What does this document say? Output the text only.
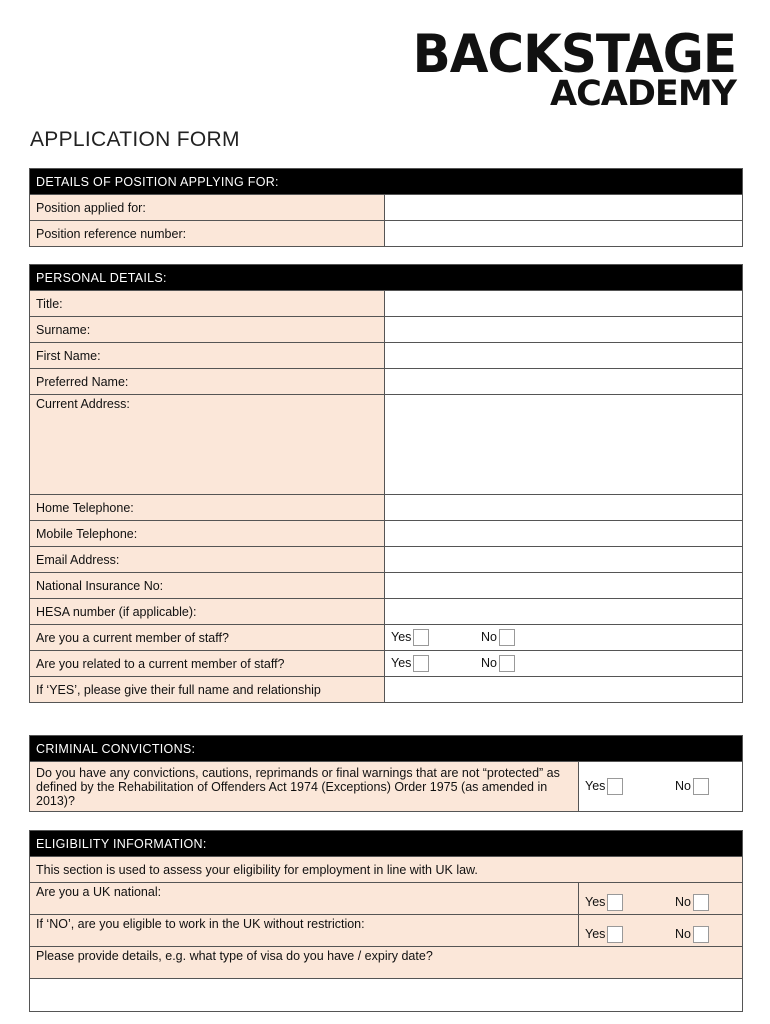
BACKSTAGE
ACADEMY
APPLICATION FORM
DETAILS OF POSITION APPLYING FOR:	
Position applied for:	
Position reference number:	
PERSONAL DETAILS:	
Title:	
Surname:	
First Name:	
Preferred Name:	
Current Address:	
Home Telephone:	
Mobile Telephone:	
Email Address:	
National Insurance No:	
HESA number (if applicable):	
Are you a current member of staff?	Yes No
Are you related to a current member of staff?	Yes No
If ‘YES’, please give their full name and relationship	
CRIMINAL CONVICTIONS:
Do you have any convictions, cautions, reprimands or final warnings that are not “protected” as defined by the Rehabilitation of Offenders Act 1974 (Exceptions) Order 1975 (as amended in 2013)?	Yes	No
ELIGIBILITY INFORMATION:	
This section is used to assess your eligibility for employment in line with UK law.	
Are you a UK national:	Yes No
If ‘NO’, are you eligible to work in the UK without restriction:	Yes No
Please provide details, e.g. what type of visa do you have / expiry date?	
